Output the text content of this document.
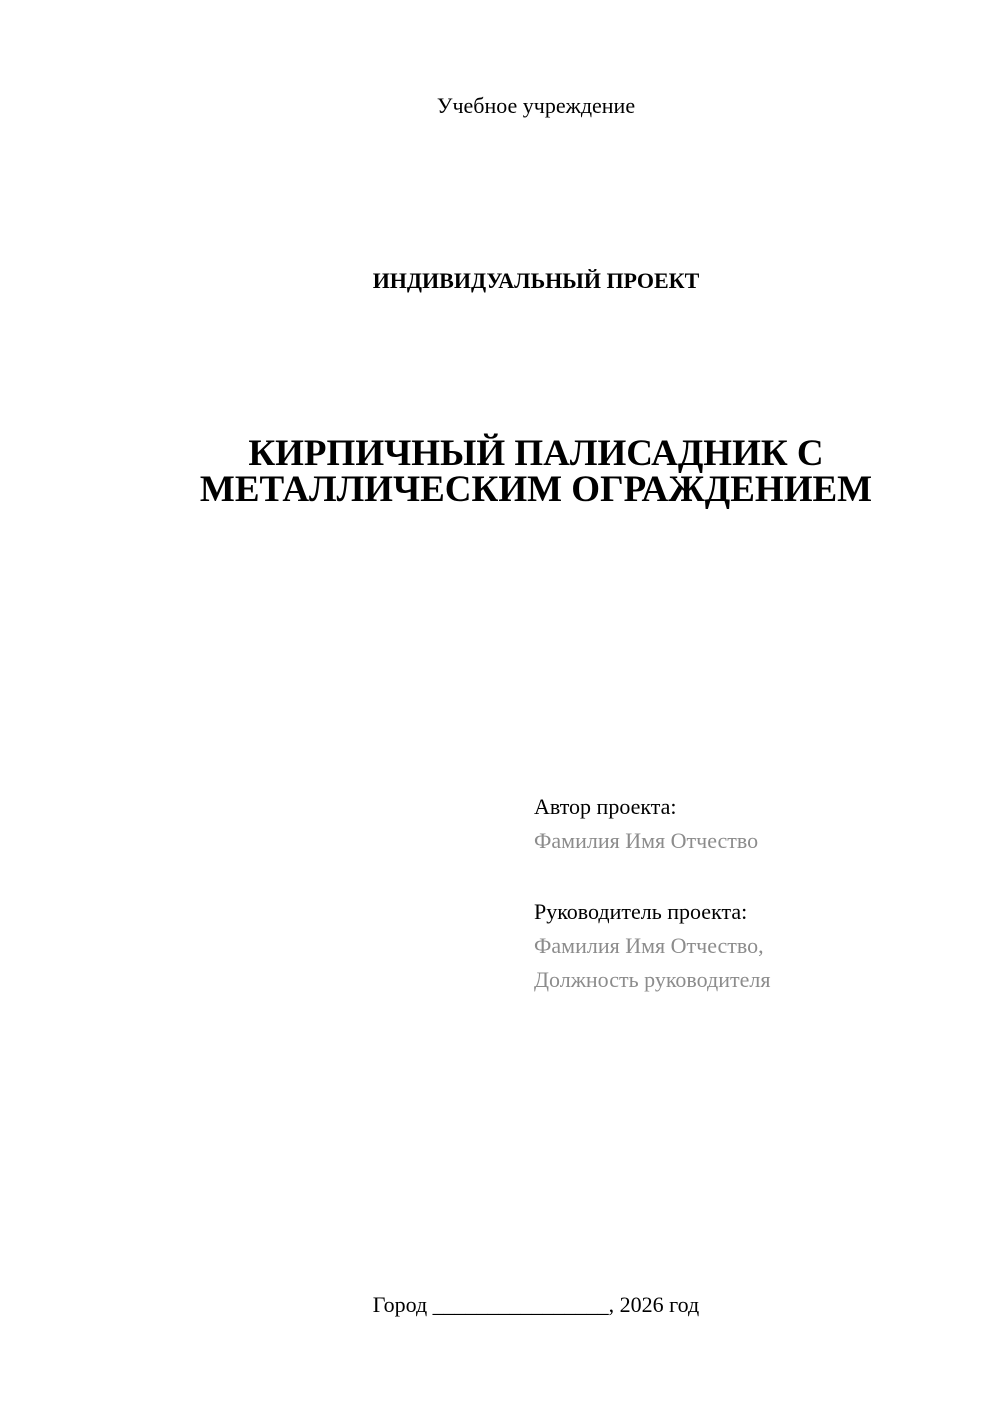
Учебное учреждение
ИНДИВИДУАЛЬНЫЙ ПРОЕКТ
КИРПИЧНЫЙ ПАЛИСАДНИК С
МЕТАЛЛИЧЕСКИМ ОГРАЖДЕНИЕМ
Автор проекта:
Фамилия Имя Отчество
Руководитель проекта:
Фамилия Имя Отчество,
Должность руководителя
Город ________________, 2026 год
